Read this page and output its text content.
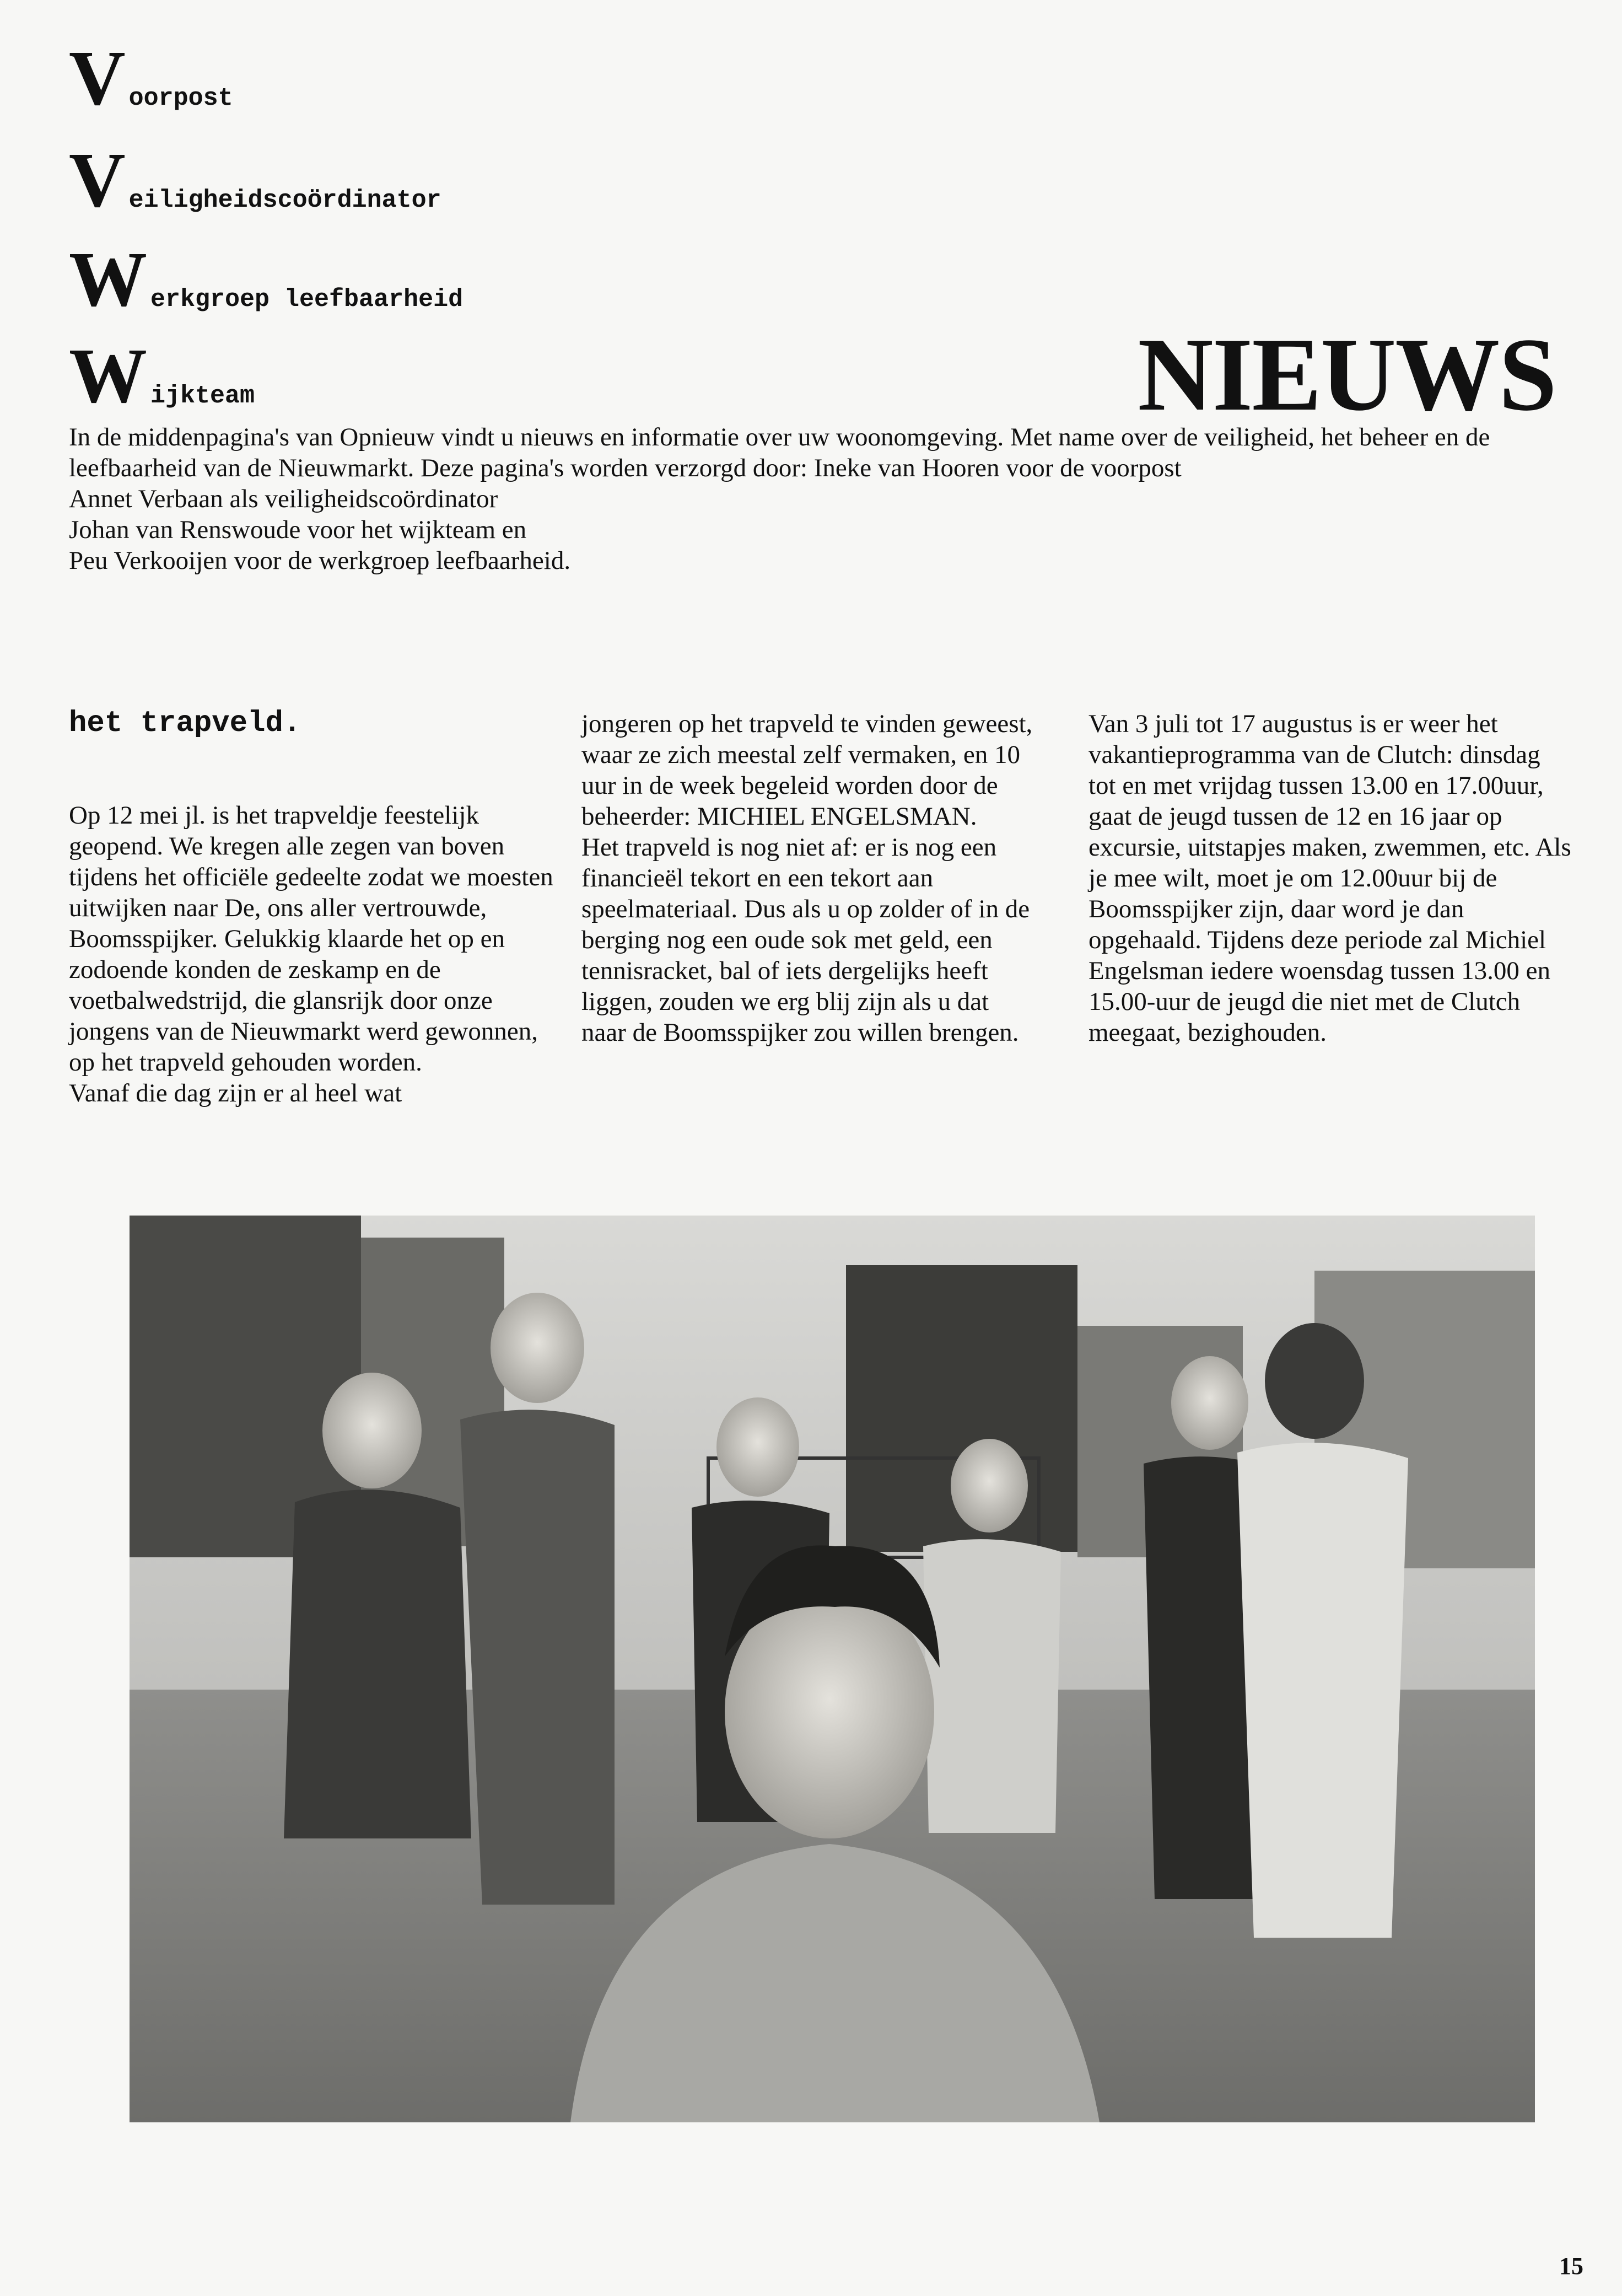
V oorpost
V eiligheidscoördinator
W erkgroep leefbaarheid
W ijkteam	NIEUWS

In de middenpagina's van Opnieuw vindt u nieuws en informatie over uw woonomgeving. Met name over de veiligheid, het beheer en de leefbaarheid van de Nieuwmarkt. Deze pagina's worden verzorgd door: Ineke van Hooren voor de voorpost

Annet Verbaan als veiligheidscoördinator

Johan van Renswoude voor het wijkteam en

Peu Verkooijen voor de werkgroep leefbaarheid.

het trapveld.

Op 12 mei jl. is het trapveldje feestelijk geopend. We kregen alle zegen van boven tijdens het officiële gedeelte zodat we moesten uitwijken naar De, ons aller vertrouwde, Boomsspijker. Gelukkig klaarde het op en zodoende konden de zeskamp en de voetbalwedstrijd, die glansrijk door onze jongens van de Nieuwmarkt werd gewonnen, op het trapveld gehouden worden.

Vanaf die dag zijn er al heel wat

jongeren op het trapveld te vinden geweest, waar ze zich meestal zelf vermaken, en 10 uur in de week begeleid worden door de beheerder: MICHIEL ENGELSMAN.

Het trapveld is nog niet af: er is nog een financieël tekort en een tekort aan speelmateriaal. Dus als u op zolder of in de berging nog een oude sok met geld, een tennisracket, bal of iets dergelijks heeft

liggen, zouden we erg blij zijn als u dat naar de Boomsspijker zou willen brengen.

Van 3 juli tot 17 augustus is er weer het vakantieprogramma van de Clutch: dinsdag tot en met vrijdag tussen 13.00 en 17.00uur, gaat de jeugd tussen de 12 en 16 jaar op excursie, uitstapjes maken, zwemmen, etc. Als je mee wilt, moet je om 12.00uur bij de Boomsspijker zijn, daar word je dan opgehaald. Tijdens deze periode zal Michiel Engelsman iedere woensdag tussen 13.00 en 15.00-uur de jeugd die niet met de Clutch meegaat, bezighouden.

15
